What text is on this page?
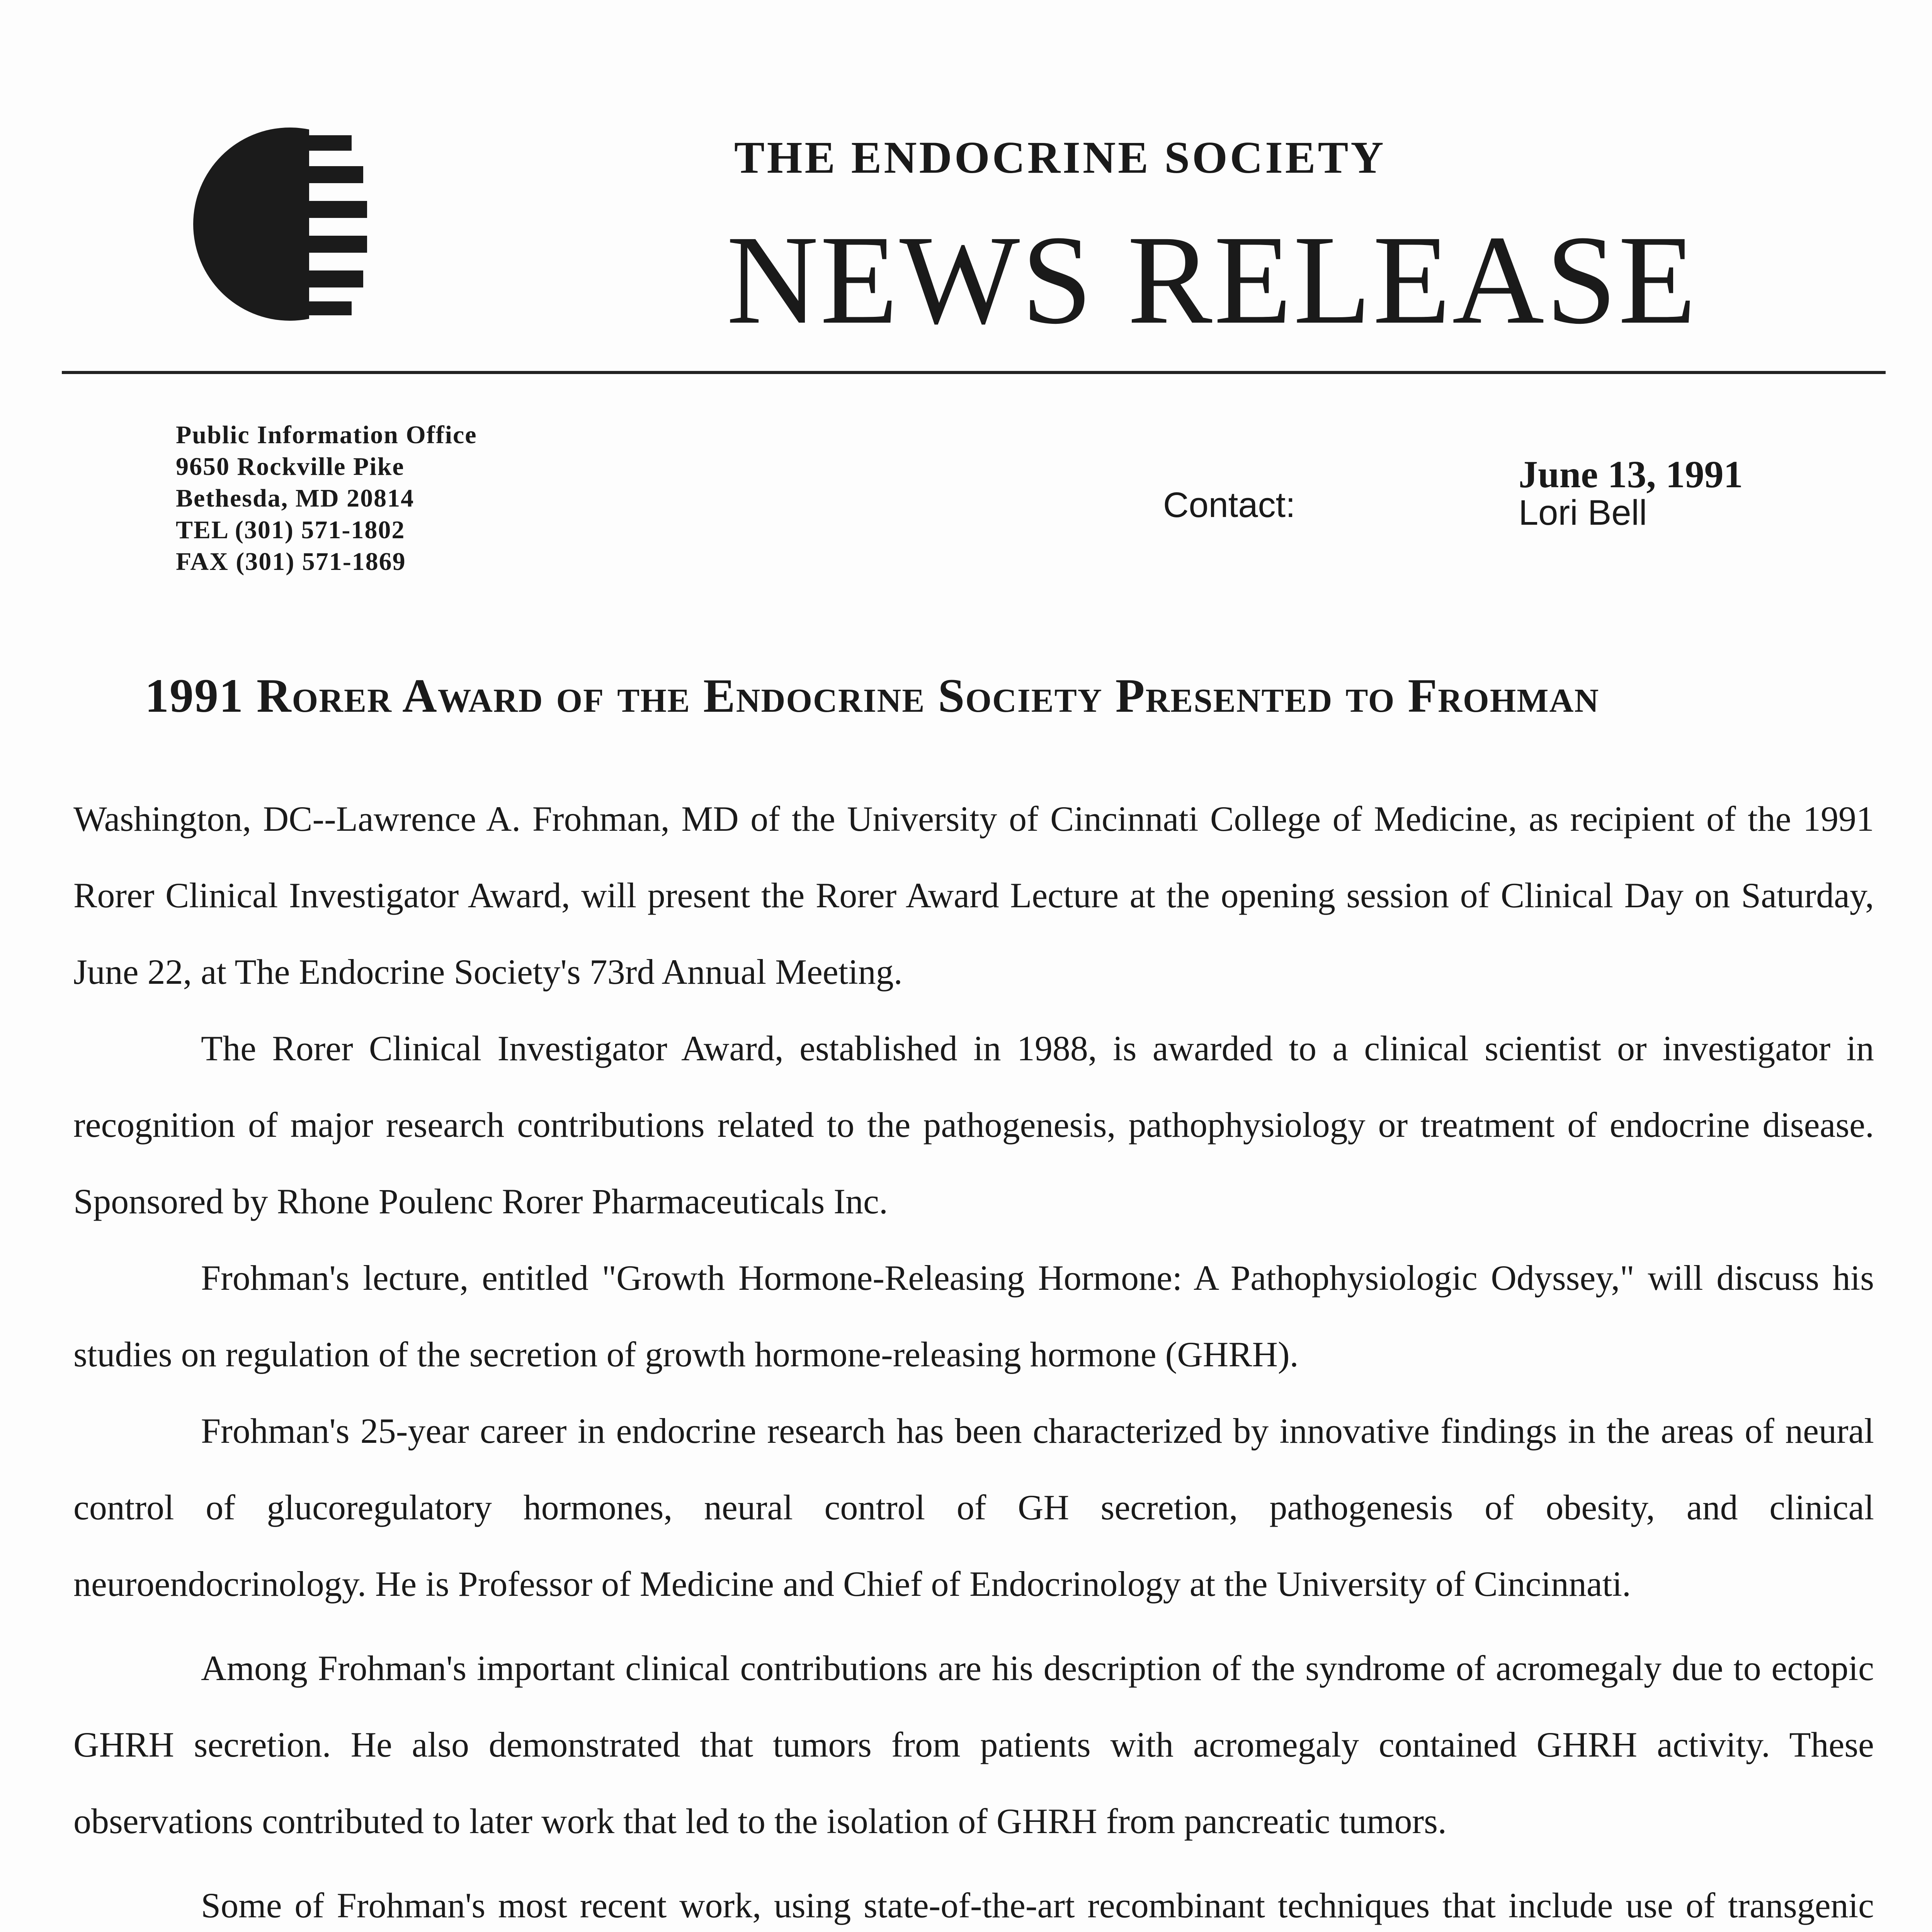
THE ENDOCRINE SOCIETY
NEWS RELEASE
Public Information Office
9650 Rockville Pike
Bethesda, MD 20814
TEL (301) 571-1802
FAX (301) 571-1869
Contact:
June 13, 1991
Lori Bell
1991 Rorer Award of the Endocrine Society Presented to Frohman

Washington, DC--Lawrence A. Frohman, MD of the University of Cincinnati College of Medicine, as recipient of the 1991 Rorer Clinical Investigator Award, will present the Rorer Award Lecture at the opening session of Clinical Day on Saturday, June 22, at The Endocrine Society's 73rd Annual Meeting.

The Rorer Clinical Investigator Award, established in 1988, is awarded to a clinical scientist or investigator in recognition of major research contributions related to the pathogenesis, pathophysiology or treatment of endocrine disease. Sponsored by Rhone Poulenc Rorer Pharmaceuticals Inc.

Frohman's lecture, entitled "Growth Hormone-Releasing Hormone: A Pathophysiologic Odyssey," will discuss his studies on regulation of the secretion of growth hormone-releasing hormone (GHRH).

Frohman's 25-year career in endocrine research has been characterized by innovative findings in the areas of neural control of glucoregulatory hormones, neural control of GH secretion, pathogenesis of obesity, and clinical neuroendocrinology. He is Professor of Medicine and Chief of Endocrinology at the University of Cincinnati.

Among Frohman's important clinical contributions are his description of the syndrome of acromegaly due to ectopic GHRH secretion. He also demonstrated that tumors from patients with acromegaly contained GHRH activity. These observations contributed to later work that led to the isolation of GHRH from pancreatic tumors.

Some of Frohman's most recent work, using state-of-the-art recombinant techniques that include use of transgenic
